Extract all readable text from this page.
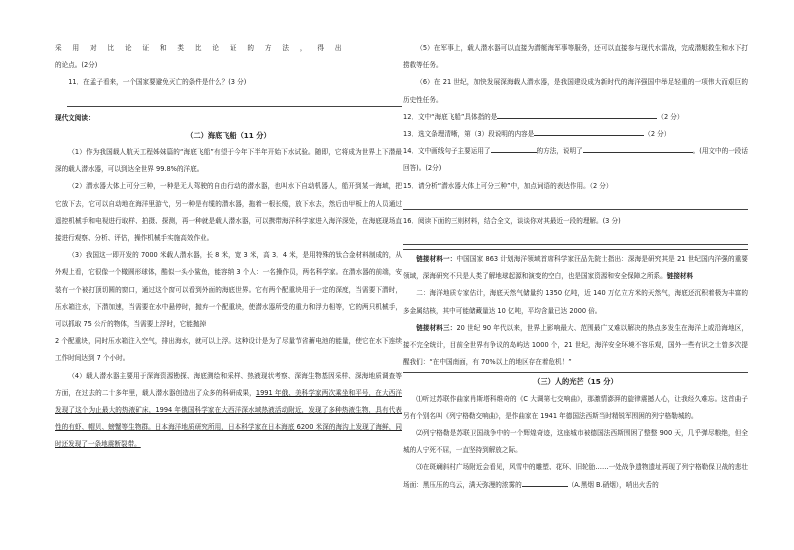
采 用 对 比 论 证 和 类 比 论 证 的 方 法 ， 得 出

的论点。(2分)

11．在孟子看来，一个国家要避免灭亡的条件是什么？(3 分)

现代文阅读：

（二）海底飞船（11 分）

（1）作为我国载人航天工程姊妹篇的“海底飞船”有望于今年下半年开始下水试验。随即，它将成为世界上下潜最深的载人潜水器，可以到达全世界 99.8%的洋底。

（2）潜水器大体上可分三种，一种是无人驾驶的自由行动的潜水器，也叫水下自动机器人，船开到某一海域，把它放下去，它可以自动地在海洋里游弋，另一种是有缆的潜水器，拖着一根长缆，放下水去，然后由甲板上的人员通过遥控机械手和电视进行取样、拍摄、探测，再一种就是载人潜水器，可以携带海洋科学家进入海洋深处，在海底现场直接进行观察、分析、评估，操作机械手实施高效作业。

（3）我国这一即开发的 7000 米载人潜水器，长 8 米，宽 3 米，高 3．4 米，是用特殊的钛合金材料制成的，从外观上看，它很像一个橄圆形球体，酷似一头小鲨鱼，能容纳 3 个人：一名操作员，两名科学家。在潜水器的前端，安装有一个被打顶切圆的窗口，通过这个窗可以看到外面的海底世界。它有两个配重块用于一定的深度，当需要下潜时，压水箱注水，下潜加速，当需要在水中悬停时，抛弃一个配重块，使潜水器所受的重力和浮力相等，它的两只机械手，可以抓取 75 公斤的物体，当需要上浮时，它能抛掉

2 个配重块，同时压水箱注入空气，排出海水，就可以上浮。这种设计是为了尽量节省蓄电池的能量，使它在水下连续工作时间达到 7 个小时。

（4）载人潜水器主要用于深海资源勘探、海底测绘和采样、热液现状考察、深海生物基因采样、深海地质调查等方面，在过去的二十多年里，载人潜水器创造出了众多的科研成果，1991 年俄、美科学家两次乘坐和平号，在大西洋发现了这个为止最大的热液矿床，1994 年俄国科学家在大西洋深水域热液活动附近，发现了多种热液生物，具有代表性的有虾、帽贝、螃蟹等生物群。日本海洋地质研究所用，日本科学家在日本海底 6200 米深的海沟上发现了海鲜，同时还发现了一条地震断裂带。

（5）在军事上，载人潜水器可以直接为潜艇海军事等服务，还可以直接参与现代水雷战，完成潜艇救生和水下打捞救等任务。

（6）在 21 世纪，加快发展深海载人潜水器，是我国建设成为新时代的海洋强国中举足轻重的一项伟大而艰巨的历史性任务。

12．文中“海底飞船”具体指的是	（2 分）

13．选文条理清晰，第（3）段说明的内容是	（2 分）

14．文中画线句子主要运用了	的方法，说明了	。(用文中的一段话回答)。(2分)

15．请分析“潜水器大体上可分三种”中，加点词语的表达作用。（2 分）

16．阅读下面的三则材料，结合全文，谈谈你对其最近一段的理解。(3 分)

链接材料一：中国国家 863 计划海洋领域首席科学家汪品先院士指出：深海是研究其是 21 世纪国内洋强的重要领域，深海研究不只是人类了解地球起源和演变的空白，也是国家资源和安全保障之所系。链接材料

二：海洋地质专家估计，海底天然气储量约 1350 亿吨，近 140 万亿立方米的天然气，海底还沉积着极为丰富的多金属结核，其中可能储藏量达 10 亿吨，平均含量已达 2000 倍。

链接材料三：20 世纪 90 年代以来，世界上影响最大、范围最广又难以解决的热点多发生在海洋上或沿海地区，接不完全统计，目前全世界有争议的岛屿达 1000 个，21 世纪，海洋安全环境不容乐观，国外一些有识之士曾多次提醒我们：“在中国南面，有 70%以上的地区存在着危机！”

（三）人的光芒（15 分）

⑴听过苏联作曲家肖斯塔科维奇的《C 大调第七交响曲》，那激情澎湃的旋律震撼人心，让我经久难忘。这首曲子另有个别名叫《列宁格勒交响曲》，是作曲家在 1941 年德国法西斯当时精锐军围困的列宁格勒城的。

⑵列宁格勒是苏联卫国战争中的一个辉煌奇迹，这座城市被德国法西斯围困了整整 900 天，几乎弹尽粮绝，但全城的人宁死不屈，一直坚持到解放之际。

⑶在斑斓斜村广场附近会看见，风雪中的雕塑、花环、旧轮胎……一处战争遗物遗址再现了列宁格勒保卫战的悲壮场面：黑压压的乌云，满天弥漫的浓雾的	（A.黑烟 B.硝烟），哨出火舌的
